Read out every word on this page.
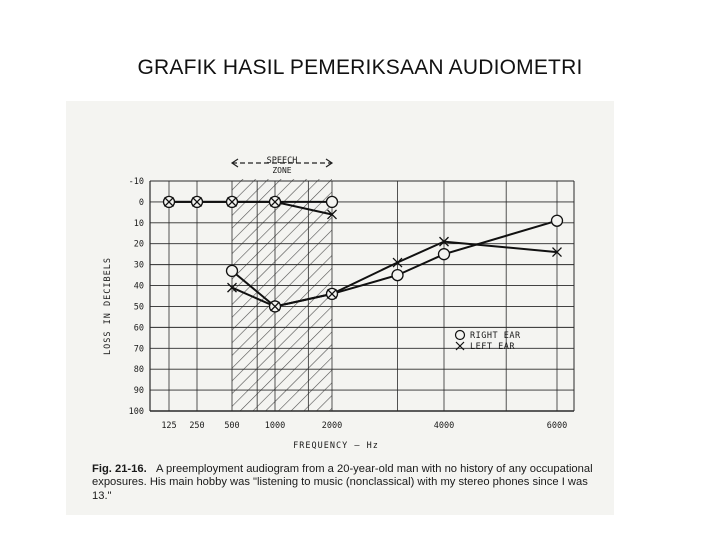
GRAFIK HASIL PEMERIKSAAN AUDIOMETRI
SPEECH
ZONE
-10
0
10
20
30
40
50
60
70
80
90
100
125 250 500	1000	2000	4000	6000
FREQUENCY — Hz
LOSS IN DECIBELS	RIGHT EAR
LEFT EAR
Fig. 21-16. A preemployment audiogram from a 20-year-old man with no history of any occupational exposures. His main hobby was "listening to music (nonclassical) with my stereo phones since I was 13."
